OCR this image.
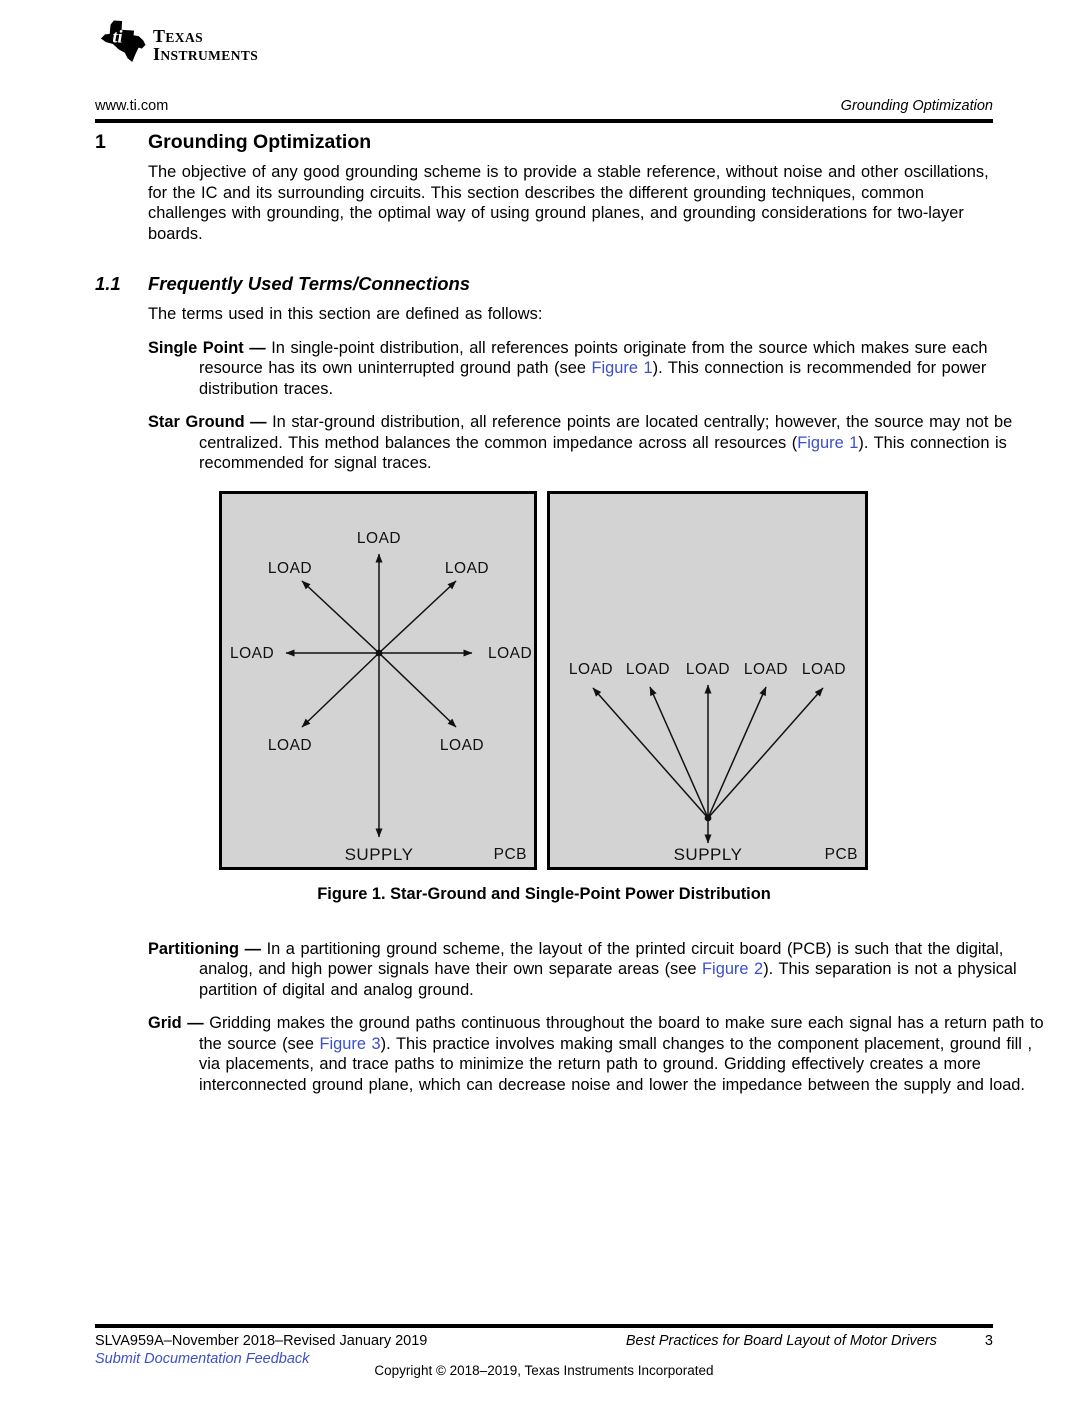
ti TEXAS
INSTRUMENTS
www.ti.com	Grounding Optimization
1	Grounding Optimization

The objective of any good grounding scheme is to provide a stable reference, without noise and other oscillations, for the IC and its surrounding circuits. This section describes the different grounding techniques, common challenges with grounding, the optimal way of using ground planes, and grounding considerations for two-layer boards.

1.1	Frequently Used Terms/Connections

The terms used in this section are defined as follows:

Single Point — In single-point distribution, all references points originate from the source which makes sure each resource has its own uninterrupted ground path (see Figure 1). This connection is recommended for power distribution traces.

Star Ground — In star-ground distribution, all reference points are located centrally; however, the source may not be centralized. This method balances the common impedance across all resources (Figure 1). This connection is recommended for signal traces.

LOAD
LOAD	LOAD
LOAD	LOAD
LOAD	LOAD
SUPPLY	PCB
LOAD LOAD LOAD LOAD LOAD
SUPPLY	PCB
Figure 1. Star-Ground and Single-Point Power Distribution

Partitioning — In a partitioning ground scheme, the layout of the printed circuit board (PCB) is such that the digital, analog, and high power signals have their own separate areas (see Figure 2). This separation is not a physical partition of digital and analog ground.

Grid — Gridding makes the ground paths continuous throughout the board to make sure each signal has a return path to the source (see Figure 3). This practice involves making small changes to the component placement, ground fill , via placements, and trace paths to minimize the return path to ground. Gridding effectively creates a more interconnected ground plane, which can decrease noise and lower the impedance between the supply and load.

SLVA959A–November 2018–Revised January 2019	Best Practices for Board Layout of Motor Drivers	3
Submit Documentation Feedback
Copyright © 2018–2019, Texas Instruments Incorporated
